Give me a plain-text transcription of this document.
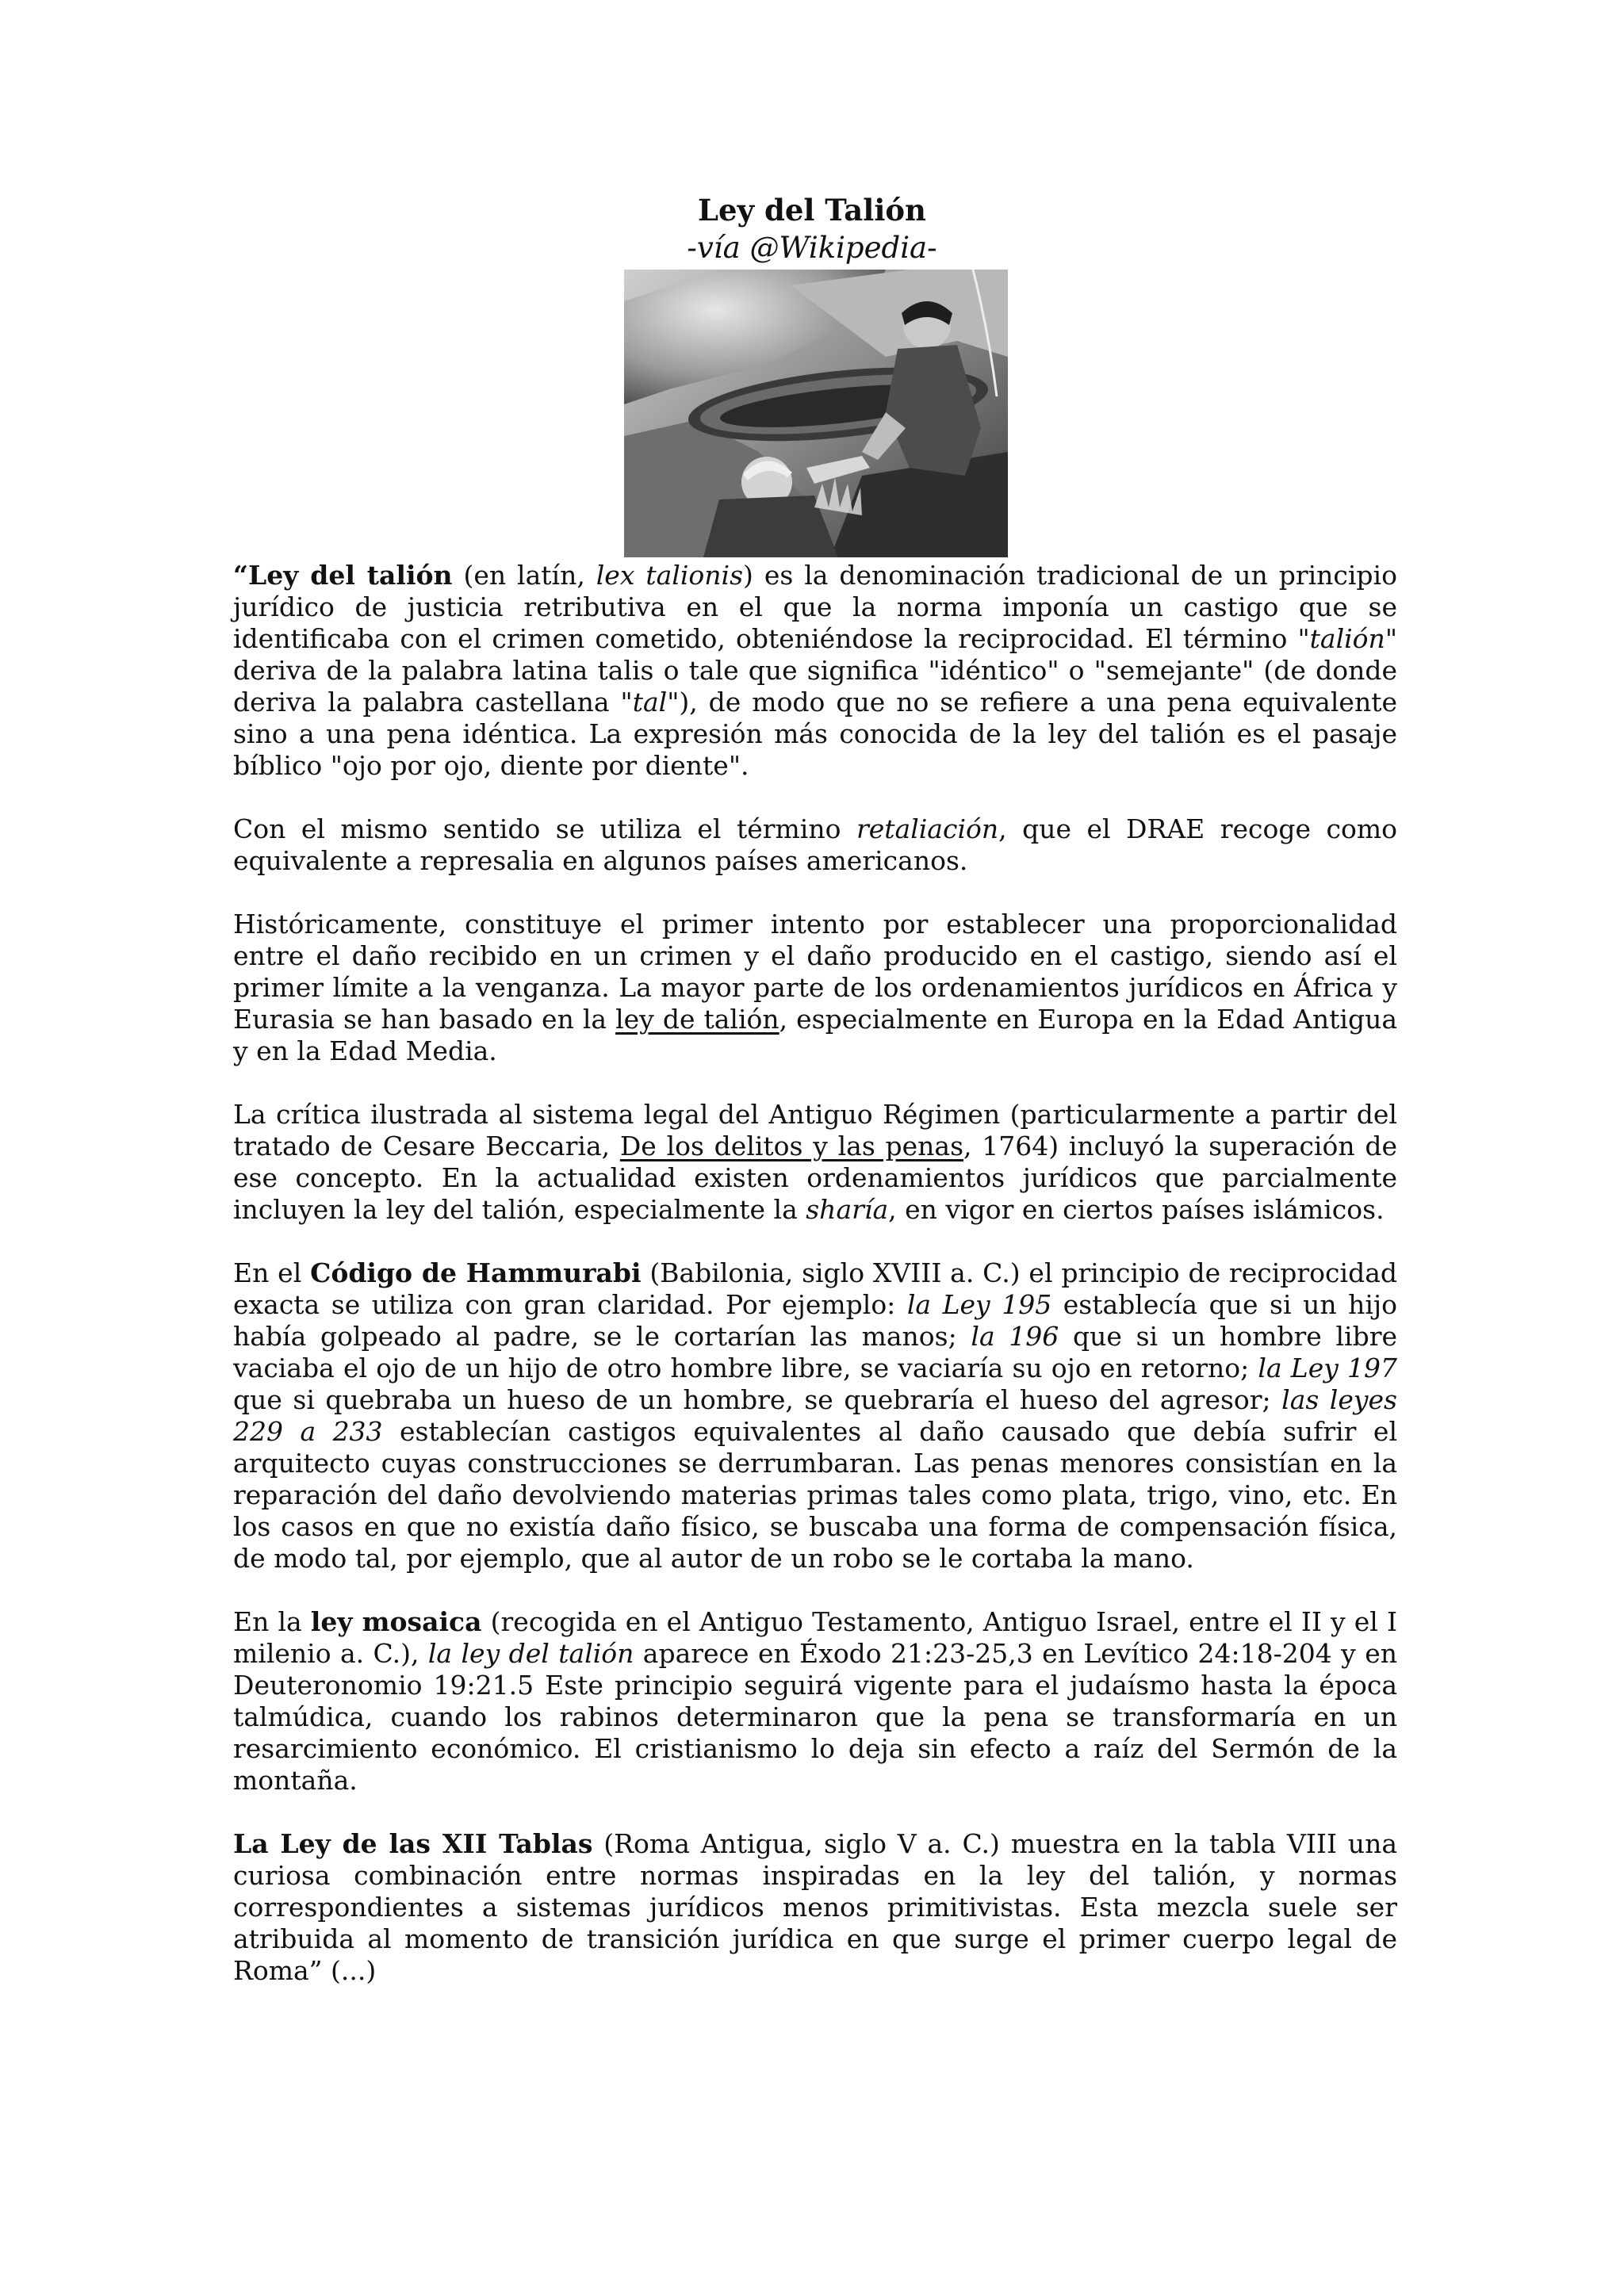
Ley del Talión
-vía @Wikipedia-

“Ley del talión (en latín, lex talionis) es la denominación tradicional de un principio jurídico de justicia retributiva en el que la norma imponía un castigo que se identificaba con el crimen cometido, obteniéndose la reciprocidad. El término "talión" deriva de la palabra latina talis o tale que significa "idéntico" o "semejante" (de donde deriva la palabra castellana "tal"), de modo que no se refiere a una pena equivalente sino a una pena idéntica. La expresión más conocida de la ley del talión es el pasaje bíblico "ojo por ojo, diente por diente".

Con el mismo sentido se utiliza el término retaliación, que el DRAE recoge como equivalente a represalia en algunos países americanos.

Históricamente, constituye el primer intento por establecer una proporcionalidad entre el daño recibido en un crimen y el daño producido en el castigo, siendo así el primer límite a la venganza. La mayor parte de los ordenamientos jurídicos en África y Eurasia se han basado en la ley de talión, especialmente en Europa en la Edad Antigua y en la Edad Media.

La crítica ilustrada al sistema legal del Antiguo Régimen (particularmente a partir del tratado de Cesare Beccaria, De los delitos y las penas, 1764) incluyó la superación de ese concepto. En la actualidad existen ordenamientos jurídicos que parcialmente incluyen la ley del talión, especialmente la sharía, en vigor en ciertos países islámicos.

En el Código de Hammurabi (Babilonia, siglo XVIII a. C.) el principio de reciprocidad exacta se utiliza con gran claridad. Por ejemplo: la Ley 195 establecía que si un hijo había golpeado al padre, se le cortarían las manos; la 196 que si un hombre libre vaciaba el ojo de un hijo de otro hombre libre, se vaciaría su ojo en retorno; la Ley 197 que si quebraba un hueso de un hombre, se quebraría el hueso del agresor; las leyes 229 a 233 establecían castigos equivalentes al daño causado que debía sufrir el arquitecto cuyas construcciones se derrumbaran. Las penas menores consistían en la reparación del daño devolviendo materias primas tales como plata, trigo, vino, etc. En los casos en que no existía daño físico, se buscaba una forma de compensación física, de modo tal, por ejemplo, que al autor de un robo se le cortaba la mano.

En la ley mosaica (recogida en el Antiguo Testamento, Antiguo Israel, entre el II y el I milenio a. C.), la ley del talión aparece en Éxodo 21:23-25,3 en Levítico 24:18-204 y en Deuteronomio 19:21.5 Este principio seguirá vigente para el judaísmo hasta la época talmúdica, cuando los rabinos determinaron que la pena se transformaría en un resarcimiento económico. El cristianismo lo deja sin efecto a raíz del Sermón de la montaña.

La Ley de las XII Tablas (Roma Antigua, siglo V a. C.) muestra en la tabla VIII una curiosa combinación entre normas inspiradas en la ley del talión, y normas correspondientes a sistemas jurídicos menos primitivistas. Esta mezcla suele ser atribuida al momento de transición jurídica en que surge el primer cuerpo legal de Roma” (...)
